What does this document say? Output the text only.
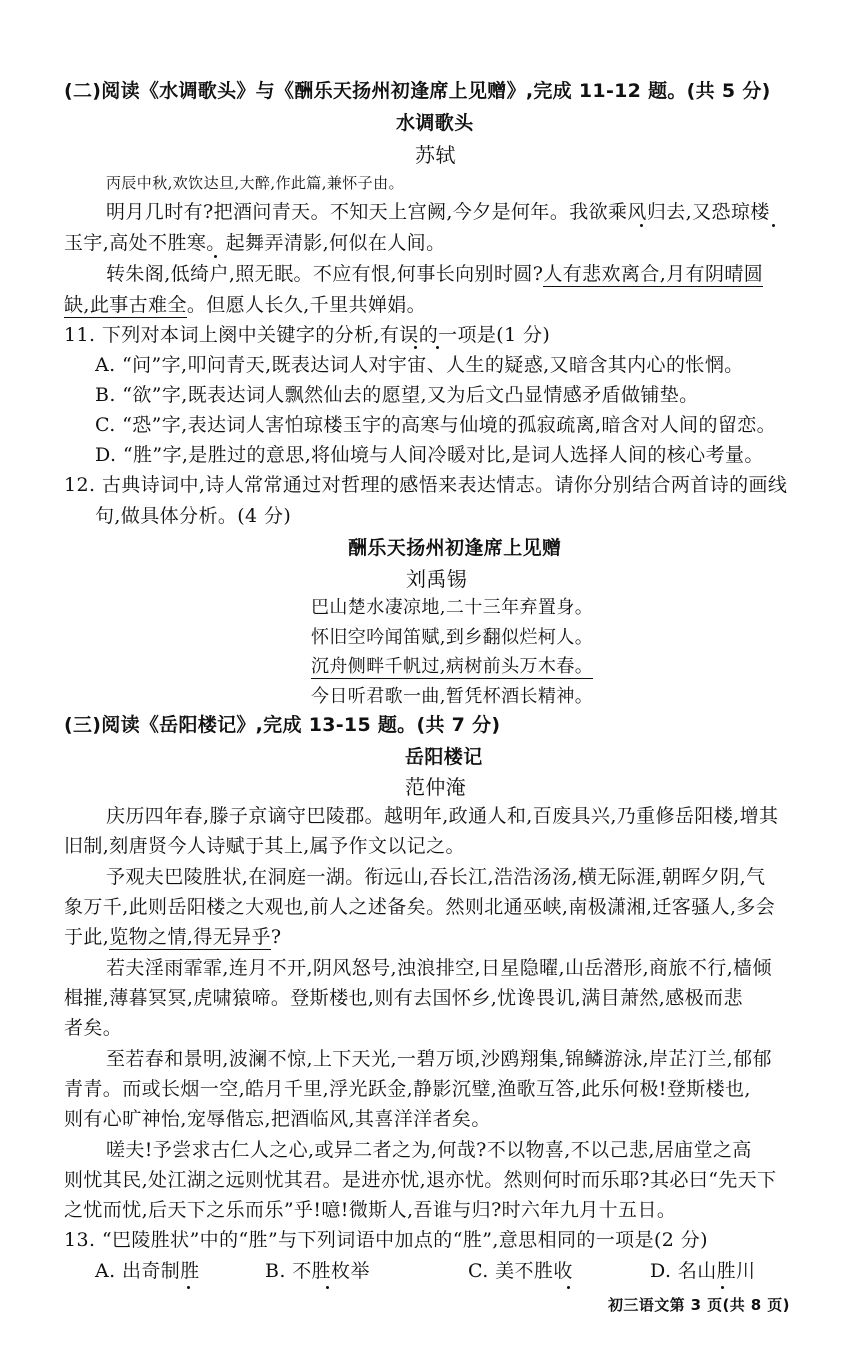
(二)阅读《水调歌头》与《酬乐天扬州初逢席上见赠》,完成 11-12 题。(共 5 分)
水调歌头
苏轼
丙辰中秋,欢饮达旦,大醉,作此篇,兼怀子由。
明月几时有?把酒问青天。不知天上宫阙,今夕是何年。我欲乘风归去,又恐琼楼
玉宇,高处不胜寒。起舞弄清影,何似在人间。
转朱阁,低绮户,照无眠。不应有恨,何事长向别时圆?人有悲欢离合,月有阴晴圆
缺,此事古难全。但愿人长久,千里共婵娟。
11. 下列对本词上阕中关键字的分析,有误的一项是(1 分)
A. “问”字,叩问青天,既表达词人对宇宙、人生的疑惑,又暗含其内心的怅惘。
B. “欲”字,既表达词人飘然仙去的愿望,又为后文凸显情感矛盾做铺垫。
C. “恐”字,表达词人害怕琼楼玉宇的高寒与仙境的孤寂疏离,暗含对人间的留恋。
D. “胜”字,是胜过的意思,将仙境与人间冷暖对比,是词人选择人间的核心考量。
12. 古典诗词中,诗人常常通过对哲理的感悟来表达情志。请你分别结合两首诗的画线
句,做具体分析。(4 分)
酬乐天扬州初逢席上见赠
刘禹锡
巴山楚水凄凉地,二十三年弃置身。
怀旧空吟闻笛赋,到乡翻似烂柯人。
沉舟侧畔千帆过,病树前头万木春。
今日听君歌一曲,暂凭杯酒长精神。
(三)阅读《岳阳楼记》,完成 13-15 题。(共 7 分)
岳阳楼记
范仲淹
庆历四年春,滕子京谪守巴陵郡。越明年,政通人和,百废具兴,乃重修岳阳楼,增其
旧制,刻唐贤今人诗赋于其上,属予作文以记之。
予观夫巴陵胜状,在洞庭一湖。衔远山,吞长江,浩浩汤汤,横无际涯,朝晖夕阴,气
象万千,此则岳阳楼之大观也,前人之述备矣。然则北通巫峡,南极潇湘,迁客骚人,多会
于此,览物之情,得无异乎?
若夫淫雨霏霏,连月不开,阴风怒号,浊浪排空,日星隐曜,山岳潜形,商旅不行,樯倾
楫摧,薄暮冥冥,虎啸猿啼。登斯楼也,则有去国怀乡,忧谗畏讥,满目萧然,感极而悲
者矣。
至若春和景明,波澜不惊,上下天光,一碧万顷,沙鸥翔集,锦鳞游泳,岸芷汀兰,郁郁
青青。而或长烟一空,皓月千里,浮光跃金,静影沉璧,渔歌互答,此乐何极!登斯楼也,
则有心旷神怡,宠辱偕忘,把酒临风,其喜洋洋者矣。
嗟夫!予尝求古仁人之心,或异二者之为,何哉?不以物喜,不以己悲,居庙堂之高
则忧其民,处江湖之远则忧其君。是进亦忧,退亦忧。然则何时而乐耶?其必曰“先天下
之忧而忧,后天下之乐而乐”乎!噫!微斯人,吾谁与归?时六年九月十五日。
13. “巴陵胜状”中的“胜”与下列词语中加点的“胜”,意思相同的一项是(2 分)
A. 出奇制胜	B. 不胜枚举	C. 美不胜收	D. 名山胜川
初三语文第 3 页(共 8 页)
